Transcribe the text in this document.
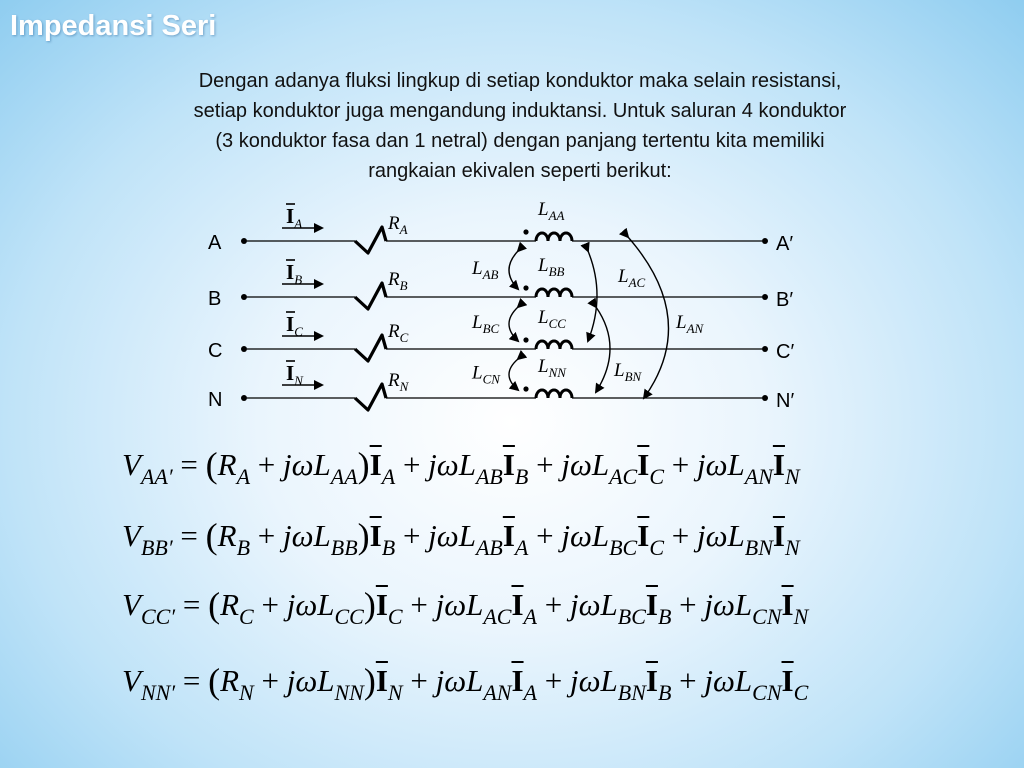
Impedansi Seri
Dengan adanya fluksi lingkup di setiap konduktor maka selain resistansi,
setiap konduktor juga mengandung induktansi. Untuk saluran 4 konduktor
(3 konduktor fasa dan 1 netral) dengan panjang tertentu kita memiliki
rangkaian ekivalen seperti berikut:
A	A′
$I_A$	$R_A$
$L_{AA}$
B	B′
$I_B$	$R_B$
$L_{BB}$
C	C′
$I_C$	$R_C$
$L_{CC}$
N	N′
$I_N$	$R_N$
$L_{NN}$
$L_{AB}$
$L_{BC}$
$L_{CN}$
$L_{AC}$
$L_{BN}$
$L_{AN}$
$V_{AA'} = (R_A + j\omega L_{AA})\overline{I}_A + j\omega L_{AB}\overline{I}_B + j\omega L_{AC}\overline{I}_C + j\omega L_{AN}\overline{I}_N$
$V_{BB'} = (R_B + j\omega L_{BB})\overline{I}_B + j\omega L_{AB}\overline{I}_A + j\omega L_{BC}\overline{I}_C + j\omega L_{BN}\overline{I}_N$
$V_{CC'} = (R_C + j\omega L_{CC})\overline{I}_C + j\omega L_{AC}\overline{I}_A + j\omega L_{BC}\overline{I}_B + j\omega L_{CN}\overline{I}_N$
$V_{NN'} = (R_N + j\omega L_{NN})\overline{I}_N + j\omega L_{AN}\overline{I}_A + j\omega L_{BN}\overline{I}_B + j\omega L_{CN}\overline{I}_C$
